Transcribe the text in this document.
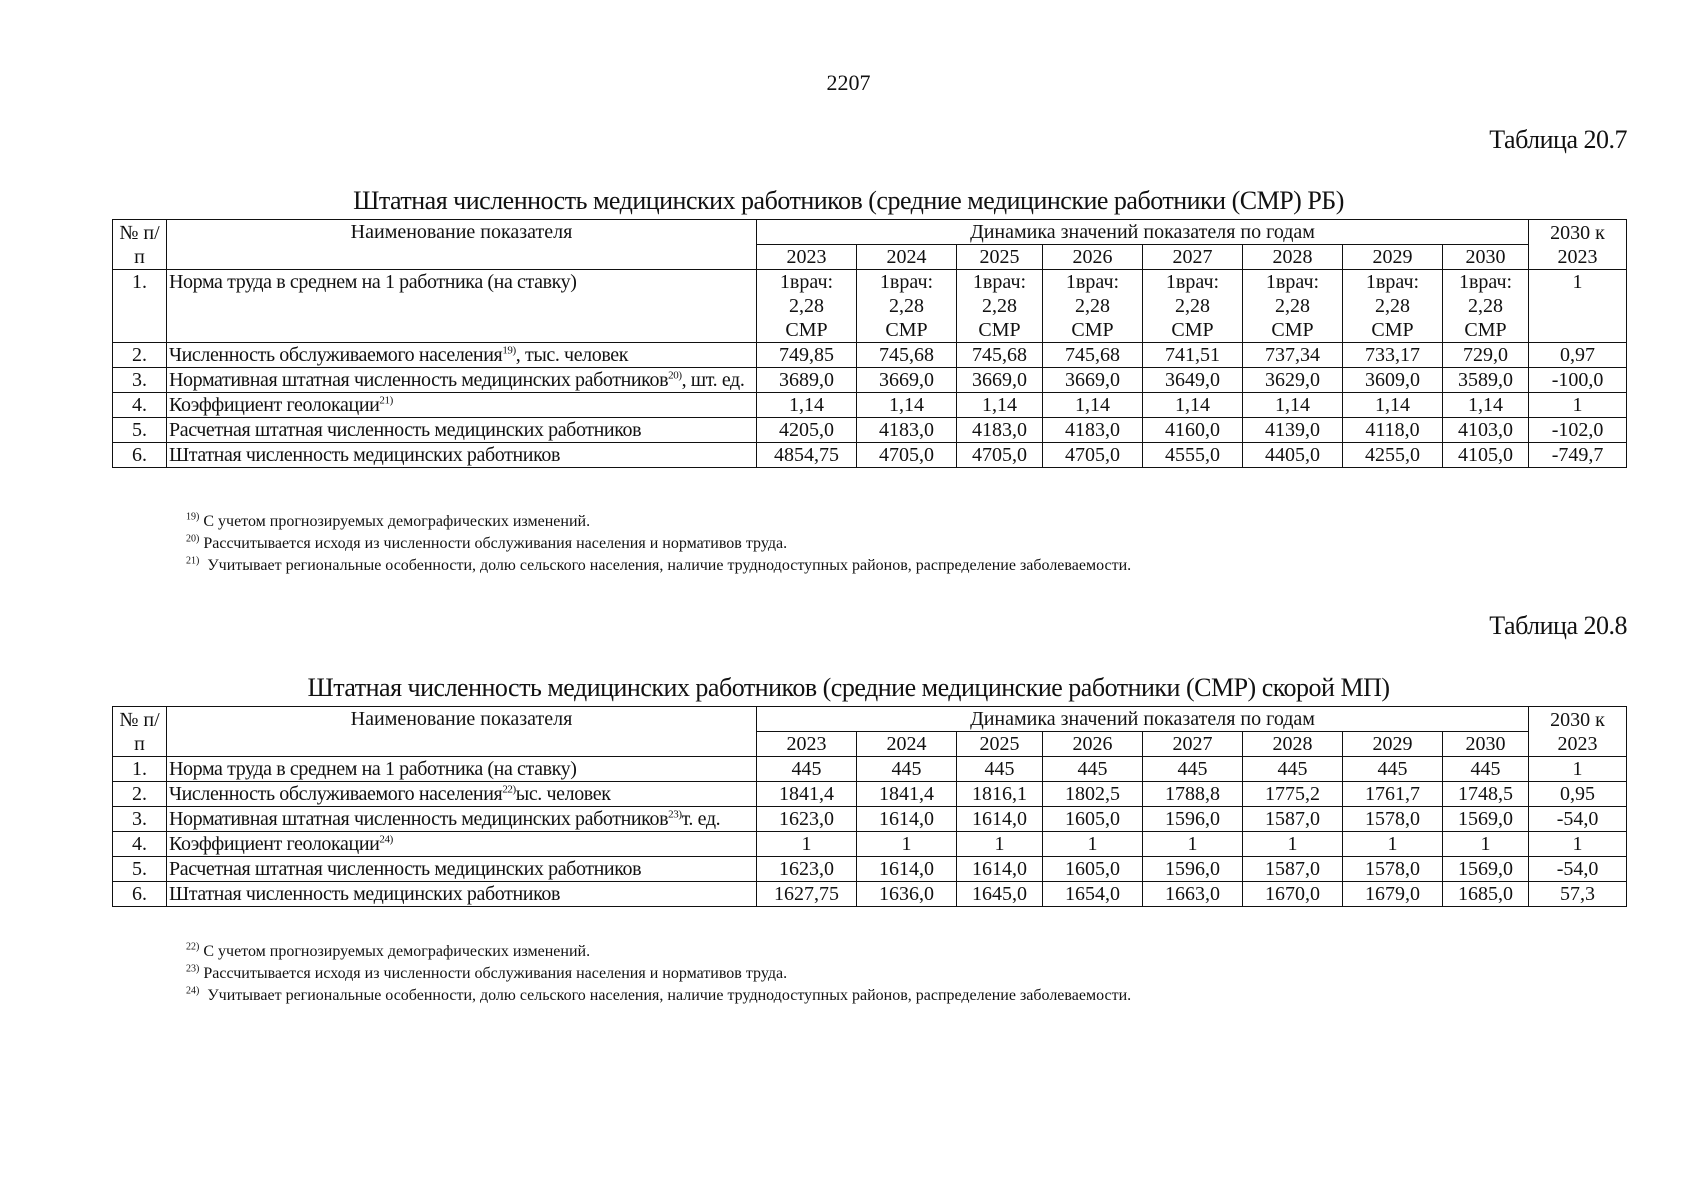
2207
Таблица 20.7
Штатная численность медицинских работников (средние медицинские работники (СМР) РБ)
№ п/п	Наименование показателя	Динамика значений показателя по годам								2030 к 2023
		2023	2024	2025	2026	2027	2028	2029	2030	
1.	Норма труда в среднем на 1 работника (на ставку)	1врач: 2,28 СМР	1врач: 2,28 СМР	1врач: 2,28 СМР	1врач: 2,28 СМР	1врач: 2,28 СМР	1врач: 2,28 СМР	1врач: 2,28 СМР	1врач: 2,28 СМР	1
2.	Численность обслуживаемого населения$^{19)}$, тыс. человек	749,85	745,68	745,68	745,68	741,51	737,34	733,17	729,0	0,97
3.	Нормативная штатная численность медицинских работников$^{20)}$, шт. ед.	3689,0	3669,0	3669,0	3669,0	3649,0	3629,0	3609,0	3589,0	-100,0
4.	Коэффициент геолокации$^{21)}$	1,14	1,14	1,14	1,14	1,14	1,14	1,14	1,14	1
5.	Расчетная штатная численность медицинских работников	4205,0	4183,0	4183,0	4183,0	4160,0	4139,0	4118,0	4103,0	-102,0
6.	Штатная численность медицинских работников	4854,75	4705,0	4705,0	4705,0	4555,0	4405,0	4255,0	4105,0	-749,7
$^{19)}$ С учетом прогнозируемых демографических изменений.
$^{20)}$ Рассчитывается исходя из численности обслуживания населения и нормативов труда.
$^{21)}$  Учитывает региональные особенности, долю сельского населения, наличие труднодоступных районов, распределение заболеваемости.
Таблица 20.8
Штатная численность медицинских работников (средние медицинские работники (СМР) скорой МП)
№ п/п	Наименование показателя	Динамика значений показателя по годам								2030 к 2023
		2023	2024	2025	2026	2027	2028	2029	2030	
1.	Норма труда в среднем на 1 работника (на ставку)	445	445	445	445	445	445	445	445	1
2.	Численность обслуживаемого населения$^{22)}$ыс. человек	1841,4	1841,4	1816,1	1802,5	1788,8	1775,2	1761,7	1748,5	0,95
3.	Нормативная штатная численность медицинских работников$^{23)}$т. ед.	1623,0	1614,0	1614,0	1605,0	1596,0	1587,0	1578,0	1569,0	-54,0
4.	Коэффициент геолокации$^{24)}$	1	1	1	1	1	1	1	1	1
5.	Расчетная штатная численность медицинских работников	1623,0	1614,0	1614,0	1605,0	1596,0	1587,0	1578,0	1569,0	-54,0
6.	Штатная численность медицинских работников	1627,75	1636,0	1645,0	1654,0	1663,0	1670,0	1679,0	1685,0	57,3
$^{22)}$ С учетом прогнозируемых демографических изменений.
$^{23)}$ Рассчитывается исходя из численности обслуживания населения и нормативов труда.
$^{24)}$  Учитывает региональные особенности, долю сельского населения, наличие труднодоступных районов, распределение заболеваемости.
